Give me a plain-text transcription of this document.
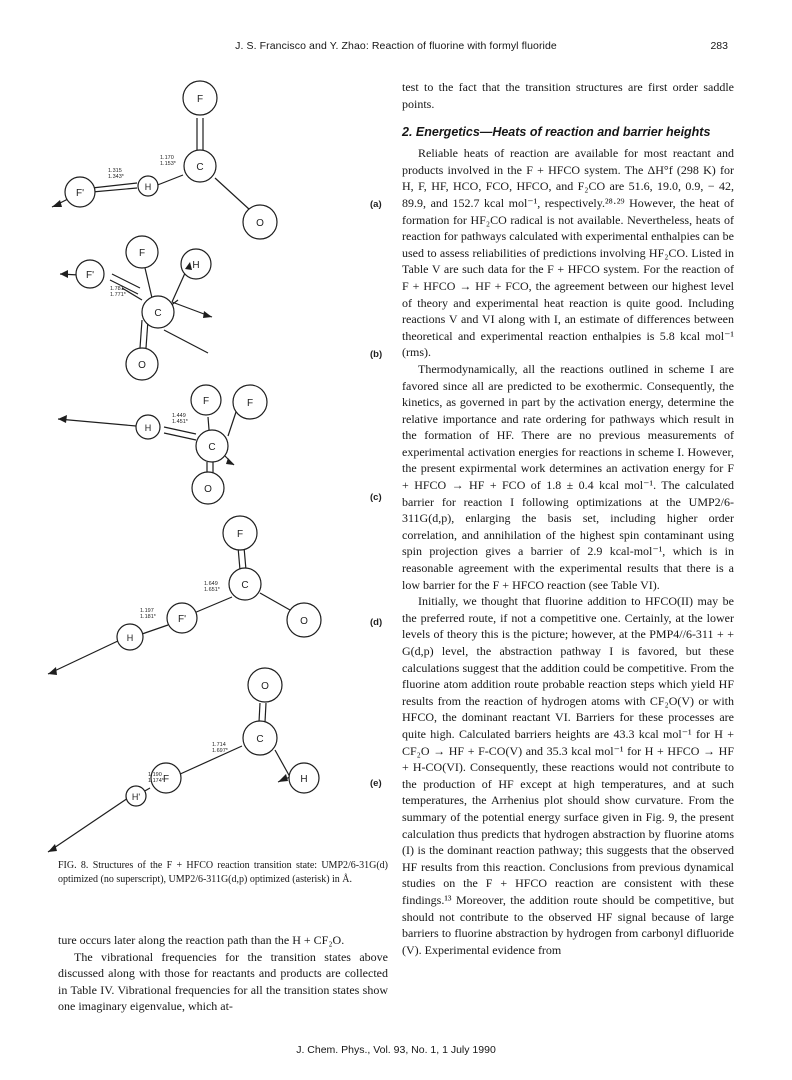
J. S. Francisco and Y. Zhao: Reaction of fluorine with formyl fluoride	283
F
C
O
H
F'
F
H
F'
C
O
F	F
H
C
O
F
C
O
F'
H
O
C
F	H
H'
1.170
1.153*
1.315
1.343*
1.781
1.771*
1.449
1.451*
1.649
1.651*
1.197
1.181*
1.714
1.697*
1.190
1.174*
(a)
(b)
(c)
(d)
(e)
FIG. 8. Structures of the F + HFCO reaction transition state: UMP2/6-31G(d) optimized (no superscript), UMP2/6-311G(d,p) optimized (asterisk) in Å.

ture occurs later along the reaction path than the H + CF₂O.

The vibrational frequencies for the transition states above discussed along with those for reactants and products are collected in Table IV. Vibrational frequencies for all the transition states show one imaginary eigenvalue, which at-

test to the fact that the transition structures are first order saddle points.

2. Energetics—Heats of reaction and barrier heights

Reliable heats of reaction are available for most reactant and products involved in the F + HFCO system. The ΔH°f (298 K) for H, F, HF, HCO, FCO, HFCO, and F₂CO are 51.6, 19.0, 0.9, − 42, 89.9, and 152.7 kcal mol⁻¹, respectively.²⁸·²⁹ However, the heat of formation for HF₂CO radical is not available. Nevertheless, heats of reaction for pathways calculated with experimental enthalpies can be used to assess reliabilities of predictions involving HF₂CO. Listed in Table V are such data for the F + HFCO system. For the reaction of F + HFCO → HF + FCO, the agreement between our highest level of theory and experimental heat reaction is quite good. Including reactions V and VI along with I, an estimate of differences between theoretical and experimental reaction enthalpies is 5.8 kcal mol⁻¹ (rms).

Thermodynamically, all the reactions outlined in scheme I are favored since all are predicted to be exothermic. Consequently, the kinetics, as governed in part by the activation energy, determine the relative importance and rate ordering for pathways which result in the formation of HF. There are no previous measurements of experimental activation energies for reactions in scheme I. However, the present expirmental work determines an activation energy for F + HFCO → HF + FCO of 1.8 ± 0.4 kcal mol⁻¹. The calculated barrier for reaction I following optimizations at the UMP2/6-311G(d,p), enlarging the basis set, including higher order correlation, and annihilation of the highest spin contaminant using spin projection gives a barrier of 2.9 kcal-mol⁻¹, which is in reasonable agreement with the experimental results that there is a low barrier for the F + HFCO reaction (see Table VI).

Initially, we thought that fluorine addition to HFCO(II) may be the preferred route, if not a competitive one. Certainly, at the lower levels of theory this is the picture; however, at the PMP4//6-311 + + G(d,p) level, the abstraction pathway I is favored, but these calculations suggest that the addition could be competitive. From the fluorine atom addition route probable reaction steps which yield HF results from the reaction of hydrogen atoms with CF₂O(V) or with HFCO, the dominant reactant VI. Barriers for these processes are quite high. Calculated barriers heights are 43.3 kcal mol⁻¹ for H + CF₂O → HF + F-CO(V) and 35.3 kcal mol⁻¹ for H + HFCO → HF + H-CO(VI). Consequently, these reactions would not contribute to the production of HF except at high temperatures, and at such temperatures, the Arrhenius plot should show curvature. From the summary of the potential energy surface given in Fig. 9, the present calculation thus predicts that hydrogen abstraction by fluorine atoms (I) is the dominant reaction pathway; this suggests that the observed HF results from this reaction. Conclusions from previous dynamical studies on the F + HFCO reaction are consistent with these findings.¹³ Moreover, the addition route should be competitive, but should not contribute to the observed HF signal because of large barriers to fluorine abstraction by hydrogen from carbonyl difluoride (V). Experimental evidence from

J. Chem. Phys., Vol. 93, No. 1, 1 July 1990
